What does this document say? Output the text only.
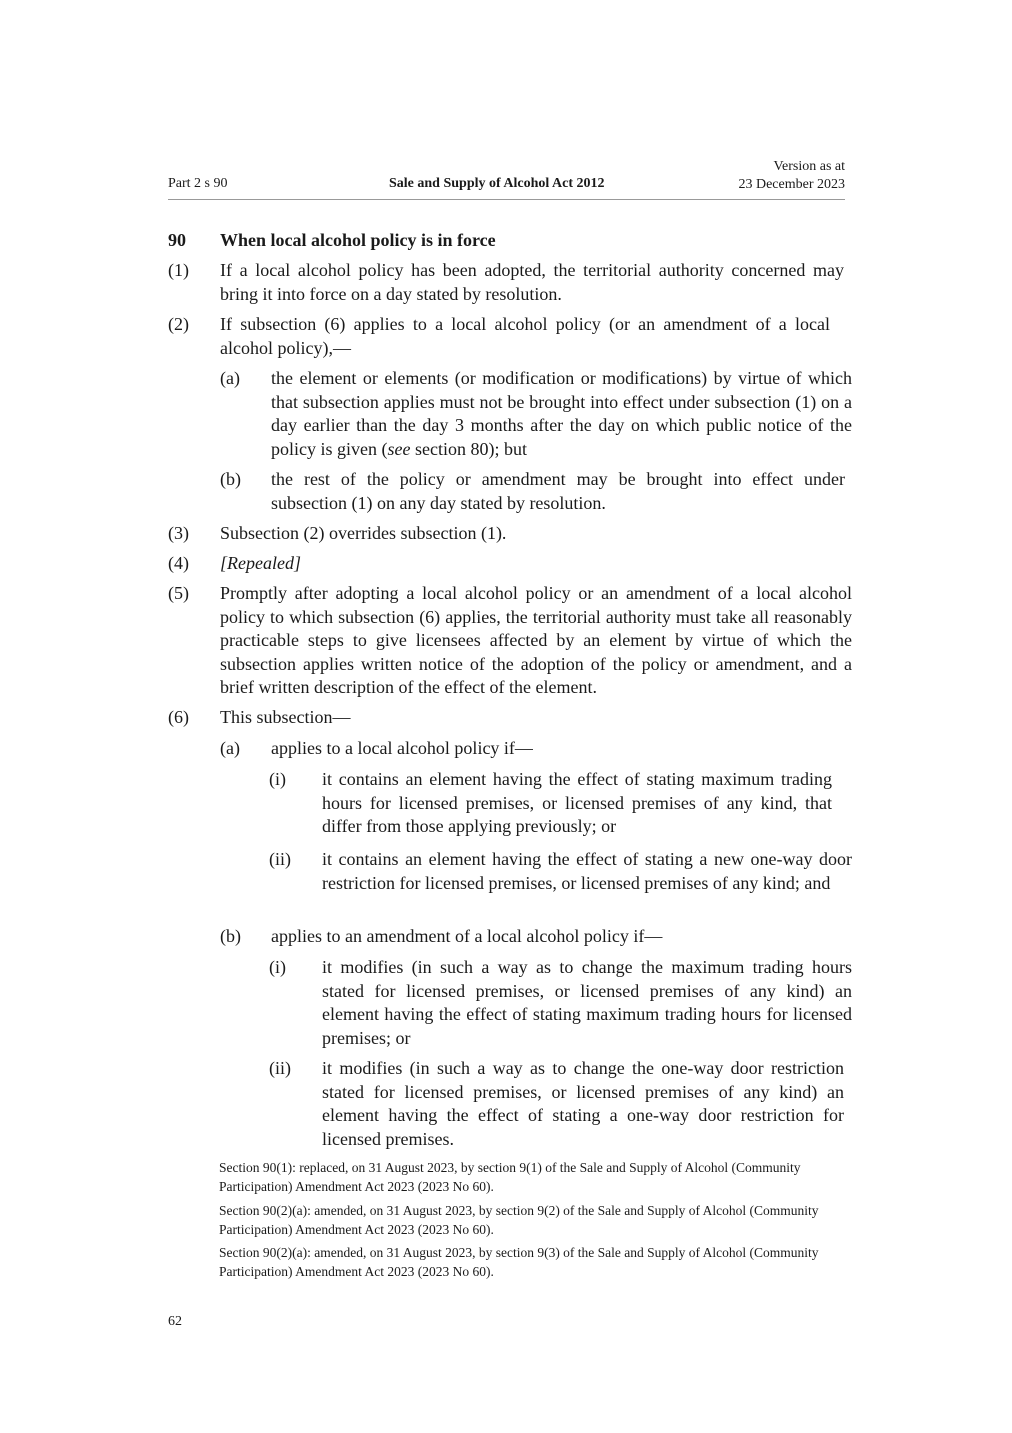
Part 2 s 90	Sale and Supply of Alcohol Act 2012
Version as at
23 December 2023
90 When local alcohol policy is in force
(1) If a local alcohol policy has been adopted, the territorial authority concerned may bring it into force on a day stated by resolution.
(2) If subsection (6) applies to a local alcohol policy (or an amendment of a local alcohol policy),—
(a) the element or elements (or modification or modifications) by virtue of which that subsection applies must not be brought into effect under subsection (1) on a day earlier than the day 3 months after the day on which public notice of the policy is given (see section 80); but
(b) the rest of the policy or amendment may be brought into effect under subsection (1) on any day stated by resolution.
(3) Subsection (2) overrides subsection (1).
(4) [Repealed]
(5) Promptly after adopting a local alcohol policy or an amendment of a local alcohol policy to which subsection (6) applies, the territorial authority must take all reasonably practicable steps to give licensees affected by an element by virtue of which the subsection applies written notice of the adoption of the policy or amendment, and a brief written description of the effect of the element.
(6) This subsection—
(a) applies to a local alcohol policy if—
(i) it contains an element having the effect of stating maximum trading hours for licensed premises, or licensed premises of any kind, that differ from those applying previously; or
(ii) it contains an element having the effect of stating a new one-way door restriction for licensed premises, or licensed premises of any kind; and
(b) applies to an amendment of a local alcohol policy if—
(i) it modifies (in such a way as to change the maximum trading hours stated for licensed premises, or licensed premises of any kind) an element having the effect of stating maximum trading hours for licensed premises; or
(ii) it modifies (in such a way as to change the one-way door restriction stated for licensed premises, or licensed premises of any kind) an element having the effect of stating a one-way door restriction for licensed premises.
Section 90(1): replaced, on 31 August 2023, by section 9(1) of the Sale and Supply of Alcohol (Community Participation) Amendment Act 2023 (2023 No 60).
Section 90(2)(a): amended, on 31 August 2023, by section 9(2) of the Sale and Supply of Alcohol (Community Participation) Amendment Act 2023 (2023 No 60).
Section 90(2)(a): amended, on 31 August 2023, by section 9(3) of the Sale and Supply of Alcohol (Community Participation) Amendment Act 2023 (2023 No 60).
62
